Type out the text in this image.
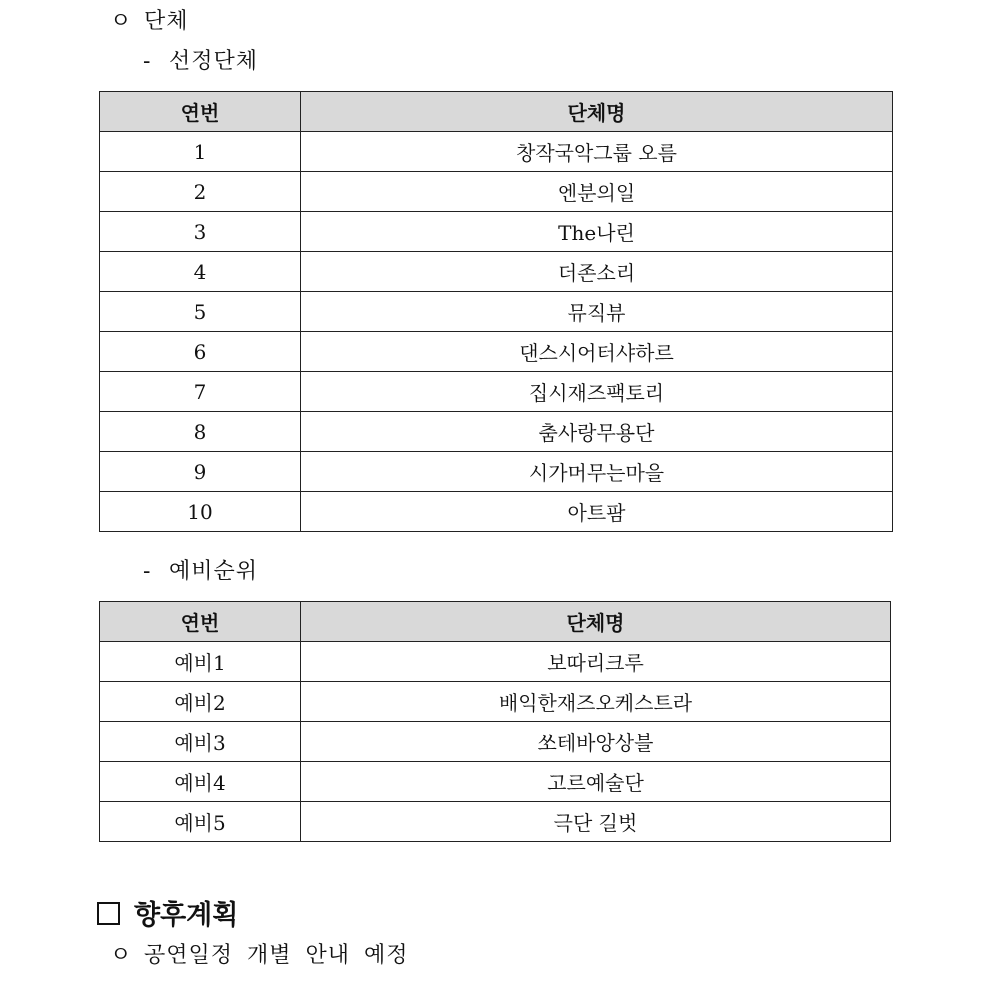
ㅇ 단체
- 선정단체
연번	단체명
1	창작국악그룹 오름
2	엔분의일
3	The나린
4	더존소리
5	뮤직뷰
6	댄스시어터샤하르
7	집시재즈팩토리
8	춤사랑무용단
9	시가머무는마을
10	아트팜
- 예비순위
연번	단체명
예비1	보따리크루
예비2	배익한재즈오케스트라
예비3	쏘테바앙상블
예비4	고르예술단
예비5	극단 길벗
향후계획
ㅇ 공연일정 개별 안내 예정
